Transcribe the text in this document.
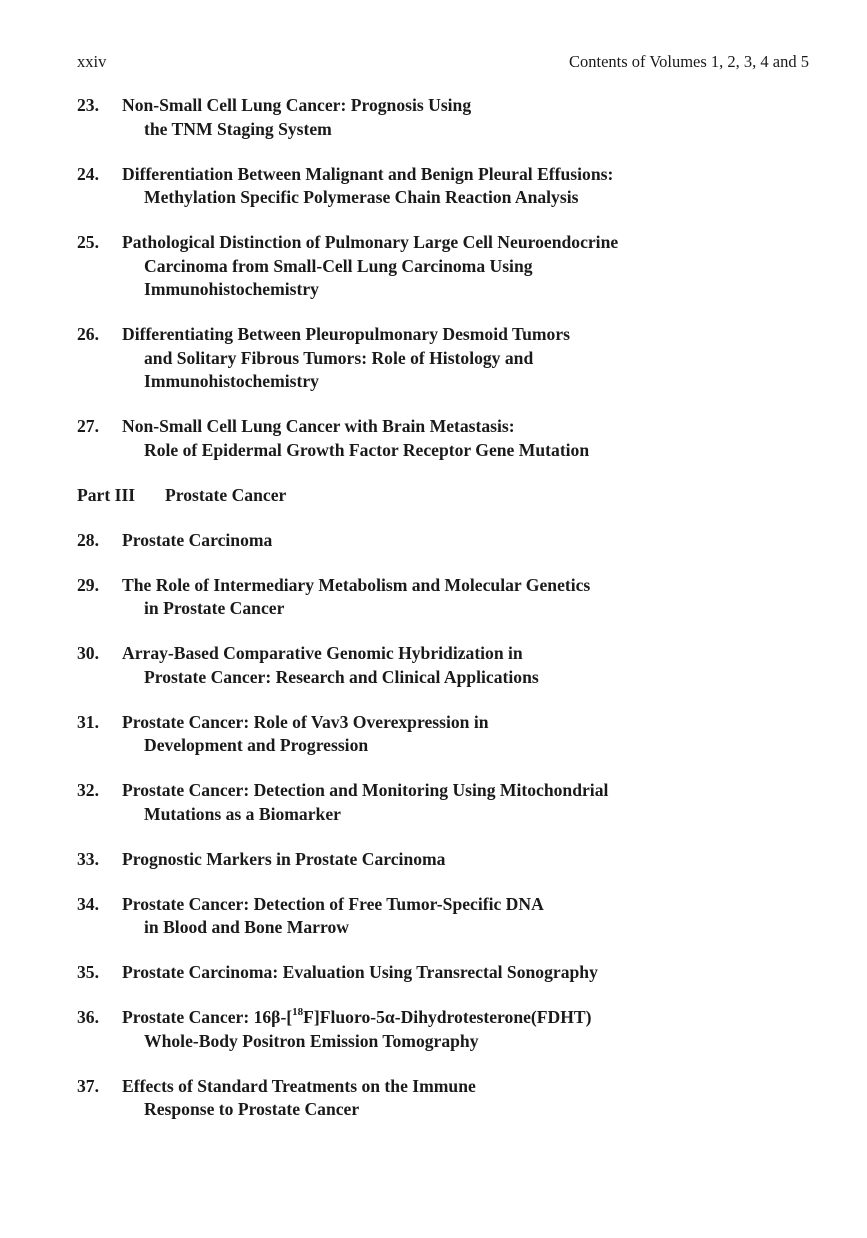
xxiv	Contents of Volumes 1, 2, 3, 4 and 5
23. Non-Small Cell Lung Cancer: Prognosis Using
the TNM Staging System
24. Differentiation Between Malignant and Benign Pleural Effusions:
Methylation Specific Polymerase Chain Reaction Analysis
25. Pathological Distinction of Pulmonary Large Cell Neuroendocrine
Carcinoma from Small-Cell Lung Carcinoma Using
Immunohistochemistry
26. Differentiating Between Pleuropulmonary Desmoid Tumors
and Solitary Fibrous Tumors: Role of Histology and
Immunohistochemistry
27. Non-Small Cell Lung Cancer with Brain Metastasis:
Role of Epidermal Growth Factor Receptor Gene Mutation
Part III Prostate Cancer
28. Prostate Carcinoma
29. The Role of Intermediary Metabolism and Molecular Genetics
in Prostate Cancer
30. Array-Based Comparative Genomic Hybridization in
Prostate Cancer: Research and Clinical Applications
31. Prostate Cancer: Role of Vav3 Overexpression in
Development and Progression
32. Prostate Cancer: Detection and Monitoring Using Mitochondrial
Mutations as a Biomarker
33. Prognostic Markers in Prostate Carcinoma
34. Prostate Cancer: Detection of Free Tumor-Specific DNA
in Blood and Bone Marrow
35. Prostate Carcinoma: Evaluation Using Transrectal Sonography
36. Prostate Cancer: 16β-[$^{18}$F]Fluoro-5α-Dihydrotesterone(FDHT)
Whole-Body Positron Emission Tomography
37. Effects of Standard Treatments on the Immune
Response to Prostate Cancer
